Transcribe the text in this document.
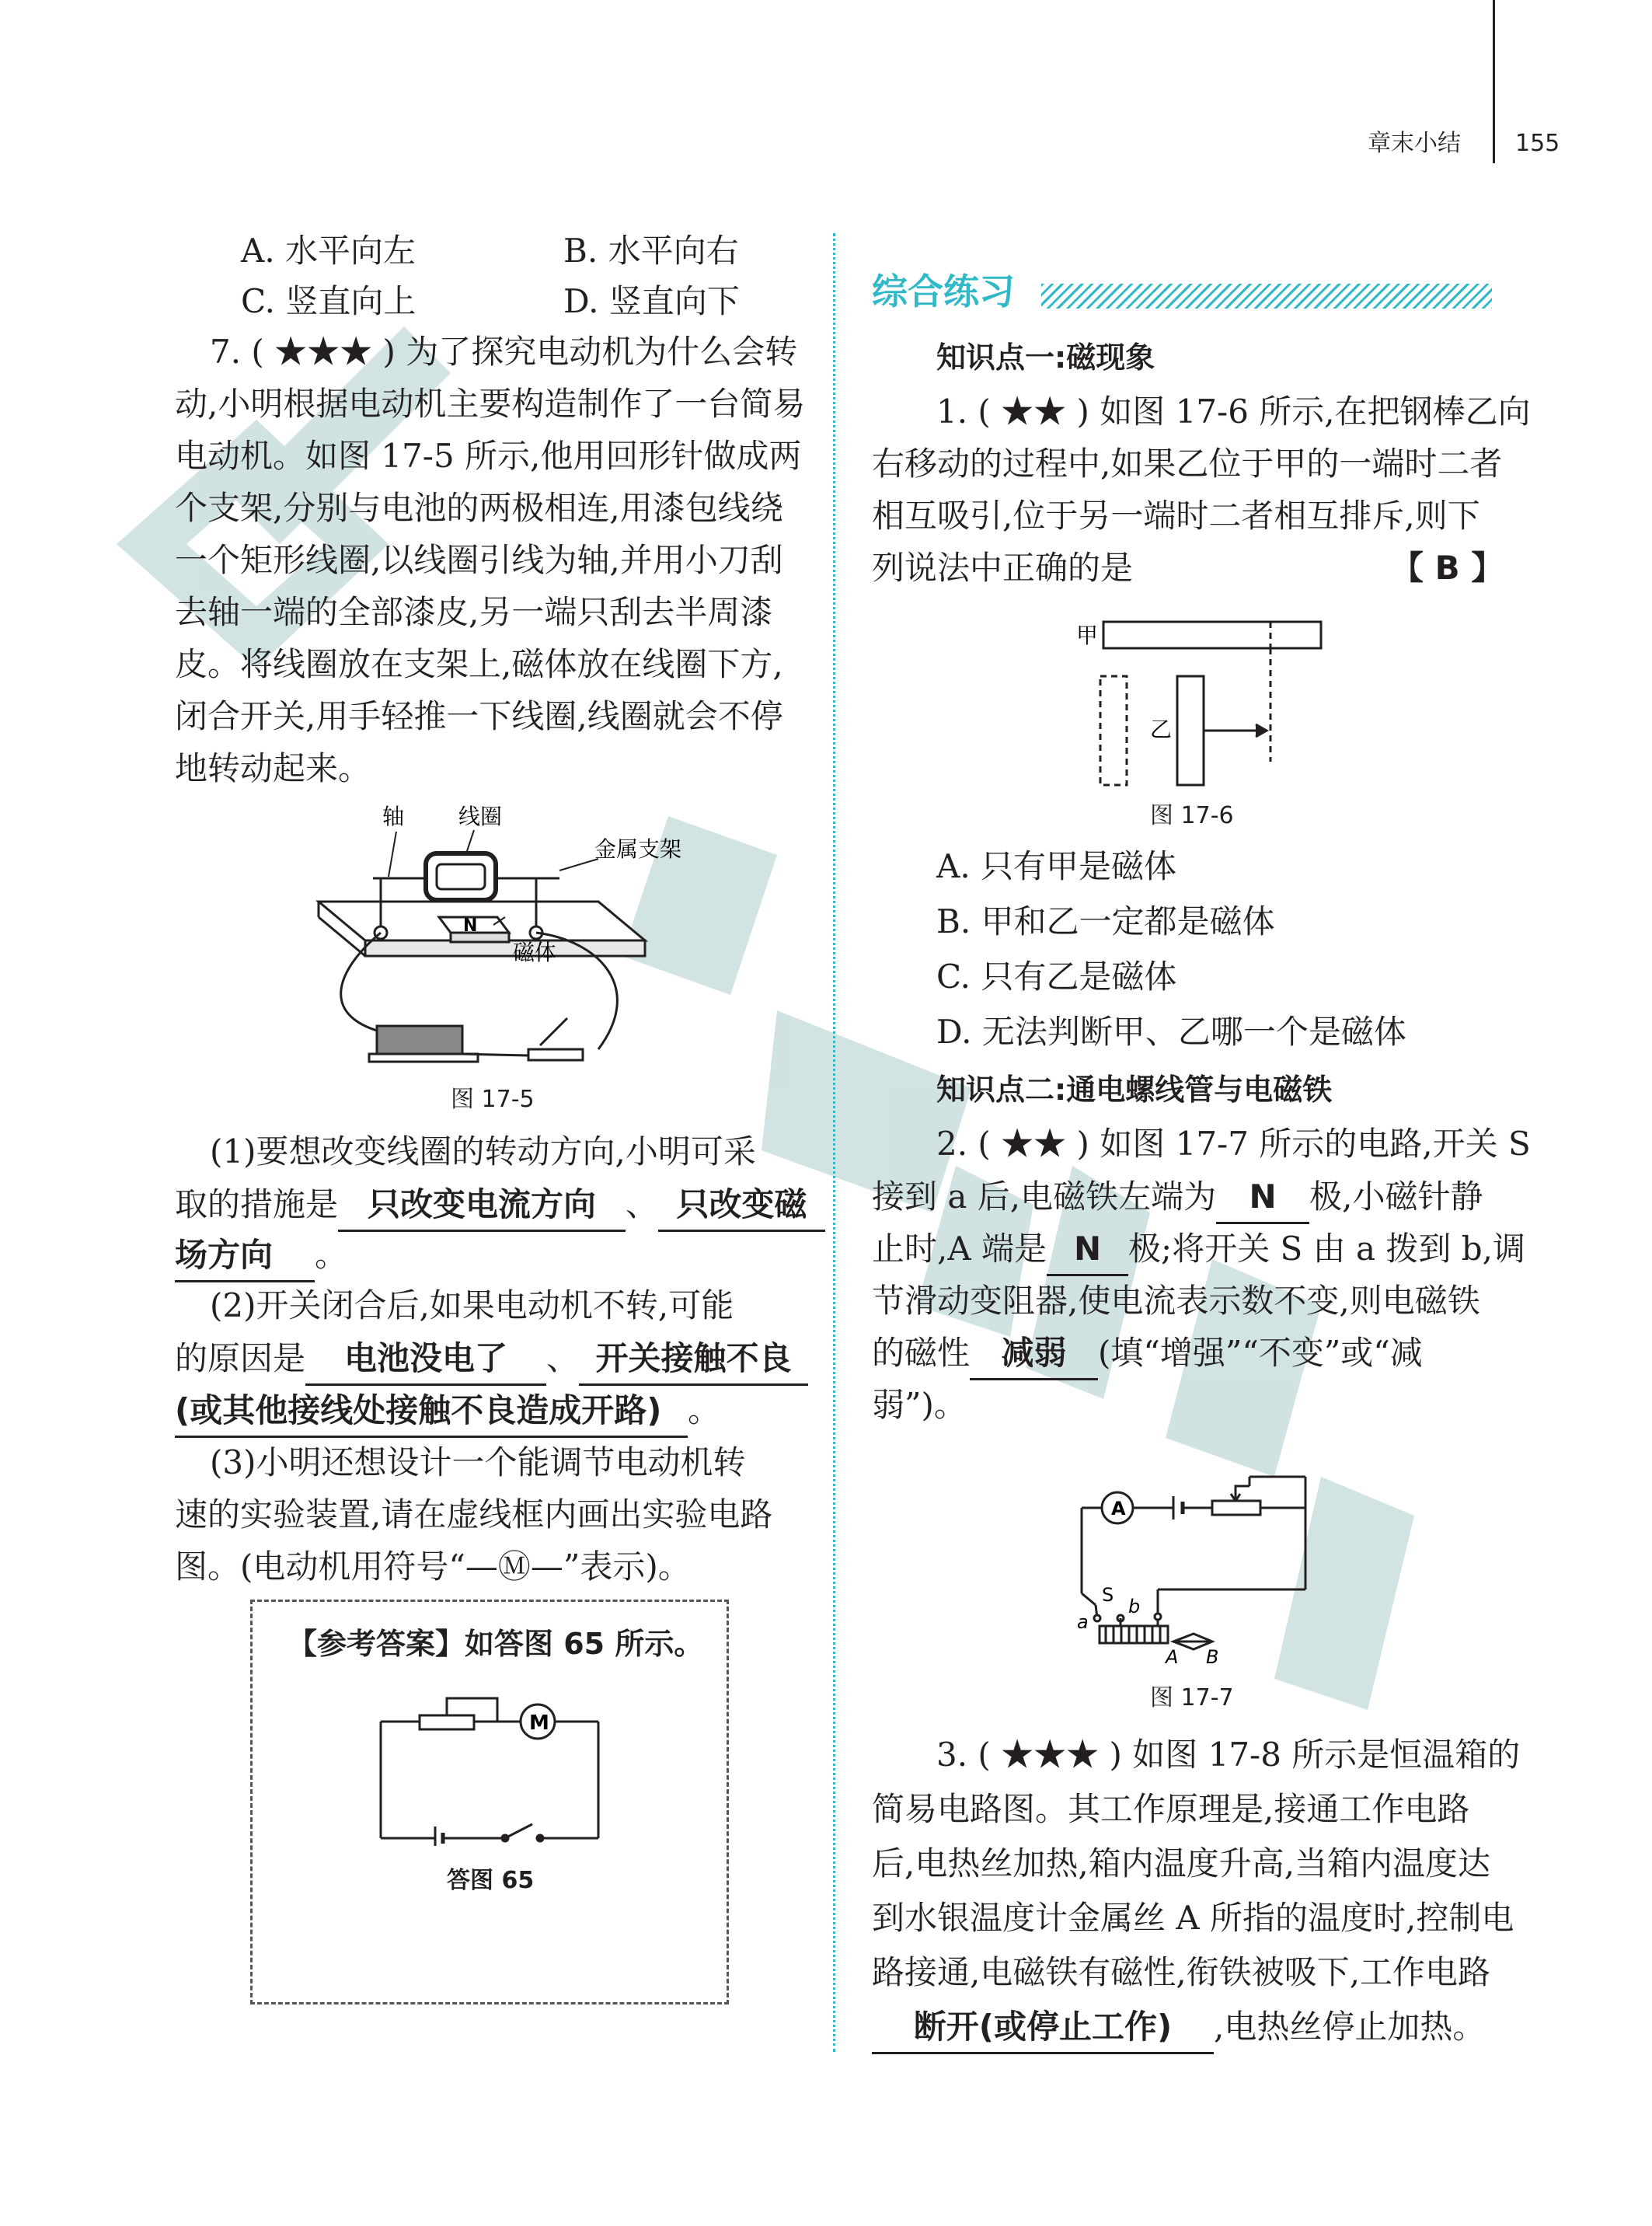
章末小结 155
A. 水平向左	B. 水平向右
C. 竖直向上	D. 竖直向下
7. ( ★★★ ) 为了探究电动机为什么会转
动,小明根据电动机主要构造制作了一台简易
电动机。如图 17-5 所示,他用回形针做成两
个支架,分别与电池的两极相连,用漆包线绕
一个矩形线圈,以线圈引线为轴,并用小刀刮
去轴一端的全部漆皮,另一端只刮去半周漆
皮。将线圈放在支架上,磁体放在线圈下方,
闭合开关,用手轻推一下线圈,线圈就会不停
地转动起来。
轴 线圈
金属支架
磁体
N
图 17-5
(1)要想改变线圈的转动方向,小明可采
取的措施是 只改变电流方向 、 只改变磁
场方向 。
(2)开关闭合后,如果电动机不转,可能
的原因是 电池没电了 、 开关接触不良
(或其他接线处接触不良造成开路) 。
(3)小明还想设计一个能调节电动机转
速的实验装置,请在虚线框内画出实验电路
图。(电动机用符号“—Ⓜ—”表示)。
【参考答案】如答图 65 所示。
M
答图 65
综合练习
知识点一:磁现象
1. ( ★★ ) 如图 17-6 所示,在把钢棒乙向
右移动的过程中,如果乙位于甲的一端时二者
相互吸引,位于另一端时二者相互排斥,则下
列说法中正确的是	【 B 】
甲
乙
图 17-6
A. 只有甲是磁体
B. 甲和乙一定都是磁体
C. 只有乙是磁体
D. 无法判断甲、乙哪一个是磁体
知识点二:通电螺线管与电磁铁
2. ( ★★ ) 如图 17-7 所示的电路,开关 S
接到 a 后,电磁铁左端为 N 极,小磁针静
止时,A 端是 N 极;将开关 S 由 a 拨到 b,调
节滑动变阻器,使电流表示数不变,则电磁铁
的磁性 减弱 (填“增强”“不变”或“减
弱”)。
A
S
a
b
A B
图 17-7
3. ( ★★★ ) 如图 17-8 所示是恒温箱的
简易电路图。其工作原理是,接通工作电路
后,电热丝加热,箱内温度升高,当箱内温度达
到水银温度计金属丝 A 所指的温度时,控制电
路接通,电磁铁有磁性,衔铁被吸下,工作电路
断开(或停止工作) ,电热丝停止加热。
